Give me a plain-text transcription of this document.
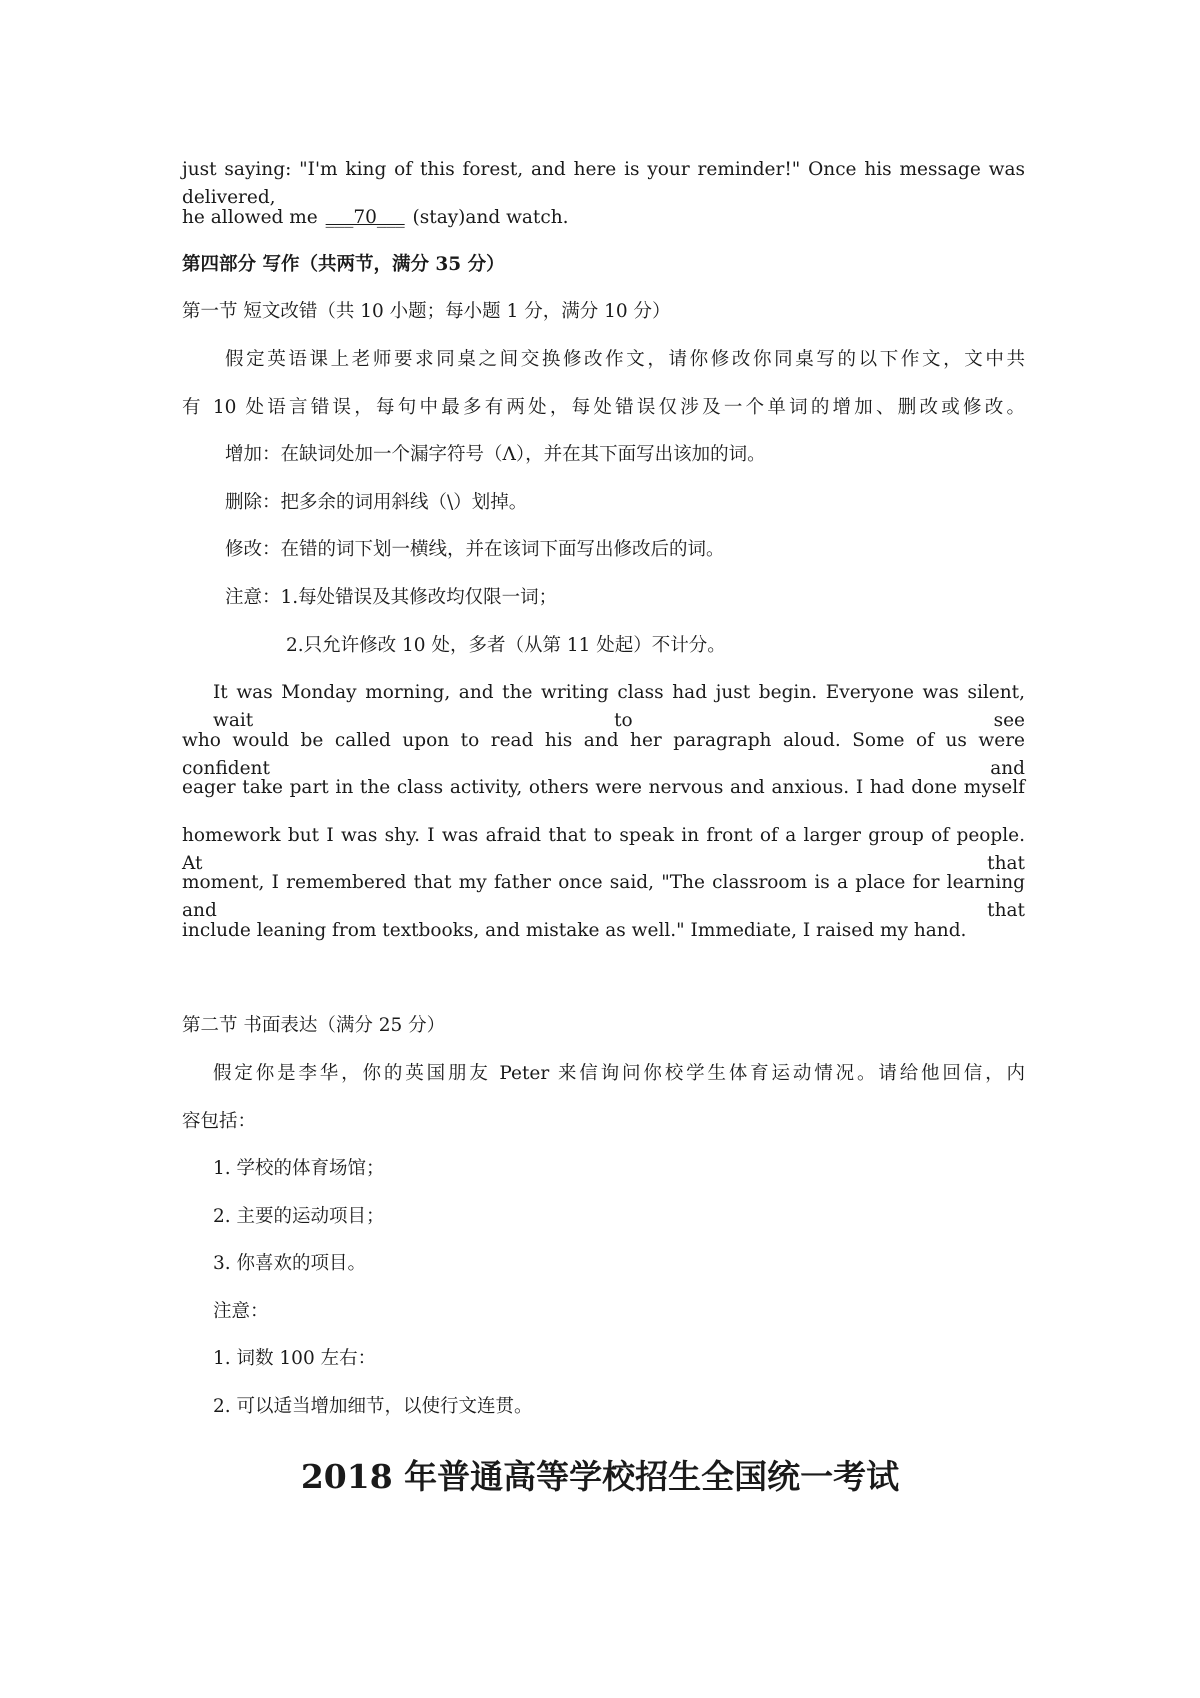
just saying: "I'm king of this forest, and here is your reminder!" Once his message was delivered,
he allowed me ___70___ (stay)and watch.
第四部分 写作（共两节，满分 35 分）
第一节 短文改错（共 10 小题；每小题 1 分，满分 10 分）
假定英语课上老师要求同桌之间交换修改作文，请你修改你同桌写的以下作文，文中共
有 10 处语言错误，每句中最多有两处，每处错误仅涉及一个单词的增加、删改或修改。
增加：在缺词处加一个漏字符号（Λ），并在其下面写出该加的词。
删除：把多余的词用斜线（\）划掉。
修改：在错的词下划一横线，并在该词下面写出修改后的词。
注意：1.每处错误及其修改均仅限一词；
2.只允许修改 10 处，多者（从第 11 处起）不计分。
It was Monday morning, and the writing class had just begin. Everyone was silent, wait to see
who would be called upon to read his and her paragraph aloud. Some of us were confident and
eager take part in the class activity, others were nervous and anxious. I had done myself
homework but I was shy. I was afraid that to speak in front of a larger group of people. At that
moment, I remembered that my father once said, "The classroom is a place for learning and that
include leaning from textbooks, and mistake as well." Immediate, I raised my hand.
第二节 书面表达（满分 25 分）
假定你是李华，你的英国朋友 Peter 来信询问你校学生体育运动情况。请给他回信，内
容包括：
1. 学校的体育场馆；
2. 主要的运动项目；
3. 你喜欢的项目。
注意：
1. 词数 100 左右：
2. 可以适当增加细节，以使行文连贯。
2018 年普通高等学校招生全国统一考试
